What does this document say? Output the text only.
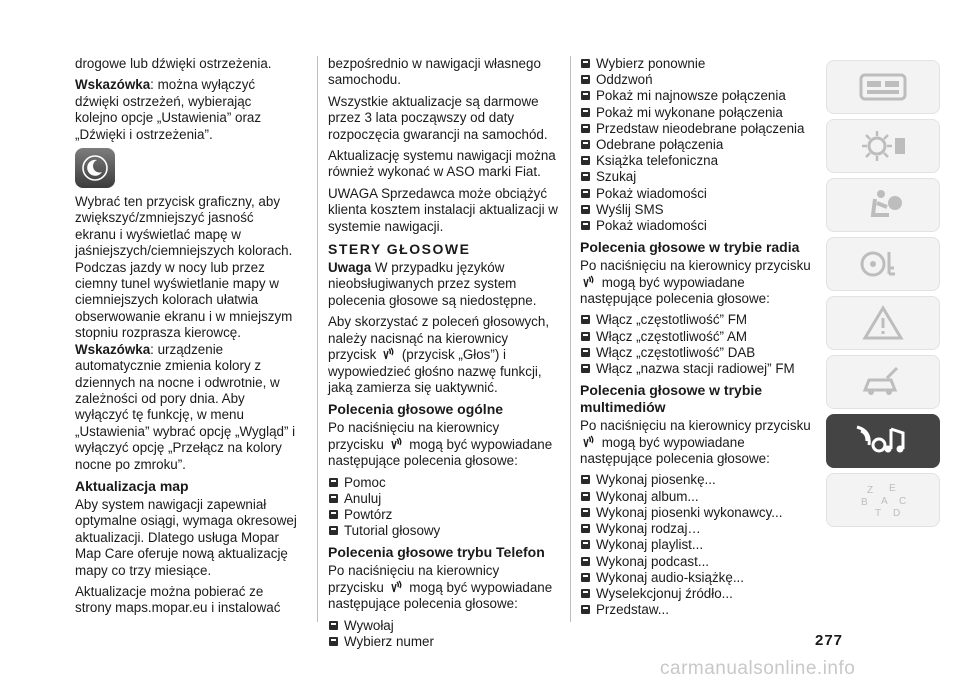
drogowe lub dźwięki ostrzeżenia.

Wskazówka: można wyłączyć dźwięki ostrzeżeń, wybierając kolejno opcje „Ustawienia” oraz „Dźwięki i ostrzeżenia”.

Wybrać ten przycisk graficzny, aby zwiększyć/zmniejszyć jasność ekranu i wyświetlać mapę w jaśniejszych/ciemniejszych kolorach. Podczas jazdy w nocy lub przez ciemny tunel wyświetlanie mapy w ciemniejszych kolorach ułatwia obserwowanie ekranu i w mniejszym stopniu rozprasza kierowcę. Wskazówka: urządzenie automatycznie zmienia kolory z dziennych na nocne i odwrotnie, w zależności od pory dnia. Aby wyłączyć tę funkcję, w menu „Ustawienia” wybrać opcję „Wygląd” i wyłączyć opcję „Przełącz na kolory nocne po zmroku”.

Aktualizacja map

Aby system nawigacji zapewniał optymalne osiągi, wymaga okresowej aktualizacji. Dlatego usługa Mopar Map Care oferuje nową aktualizację mapy co trzy miesiące.

Aktualizacje można pobierać ze strony maps.mopar.eu i instalować

bezpośrednio w nawigacji własnego samochodu.

Wszystkie aktualizacje są darmowe przez 3 lata począwszy od daty rozpoczęcia gwarancji na samochód.

Aktualizację systemu nawigacji można również wykonać w ASO marki Fiat.

UWAGA Sprzedawca może obciążyć klienta kosztem instalacji aktualizacji w systemie nawigacji.

STERY GŁOSOWE

Uwaga W przypadku języków nieobsługiwanych przez system polecenia głosowe są niedostępne.

Aby skorzystać z poleceń głosowych, należy nacisnąć na kierownicy przycisk (przycisk „Głos”) i wypowiedzieć głośno nazwę funkcji, jaką zamierza się uaktywnić.

Polecenia głosowe ogólne

Po naciśnięciu na kierownicy przycisku mogą być wypowiadane następujące polecenia głosowe:

Pomoc
Anuluj
Powtórz
Tutorial głosowy
Polecenia głosowe trybu Telefon

Po naciśnięciu na kierownicy przycisku mogą być wypowiadane następujące polecenia głosowe:

Wywołaj
Wybierz numer
Wybierz ponownie
Oddzwoń
Pokaż mi najnowsze połączenia
Pokaż mi wykonane połączenia
Przedstaw nieodebrane połączenia
Odebrane połączenia
Książka telefoniczna
Szukaj
Pokaż wiadomości
Wyślij SMS
Pokaż wiadomości
Polecenia głosowe w trybie radia

Po naciśnięciu na kierownicy przycisku  mogą być wypowiadane następujące polecenia głosowe:

Włącz „częstotliwość” FM
Włącz „częstotliwość” AM
Włącz „częstotliwość” DAB
Włącz „nazwa stacji radiowej” FM
Polecenia głosowe w trybie multimediów

Po naciśnięciu na kierownicy przycisku  mogą być wypowiadane następujące polecenia głosowe:

Wykonaj piosenkę...
Wykonaj album...
Wykonaj piosenki wykonawcy...
Wykonaj rodzaj…
Wykonaj playlist...
Wykonaj podcast...
Wykonaj audio-książkę...
Wyselekcjonuj źródło...
Przedstaw...
Z E
B	C
T D
A
277
carmanualsonline.info
